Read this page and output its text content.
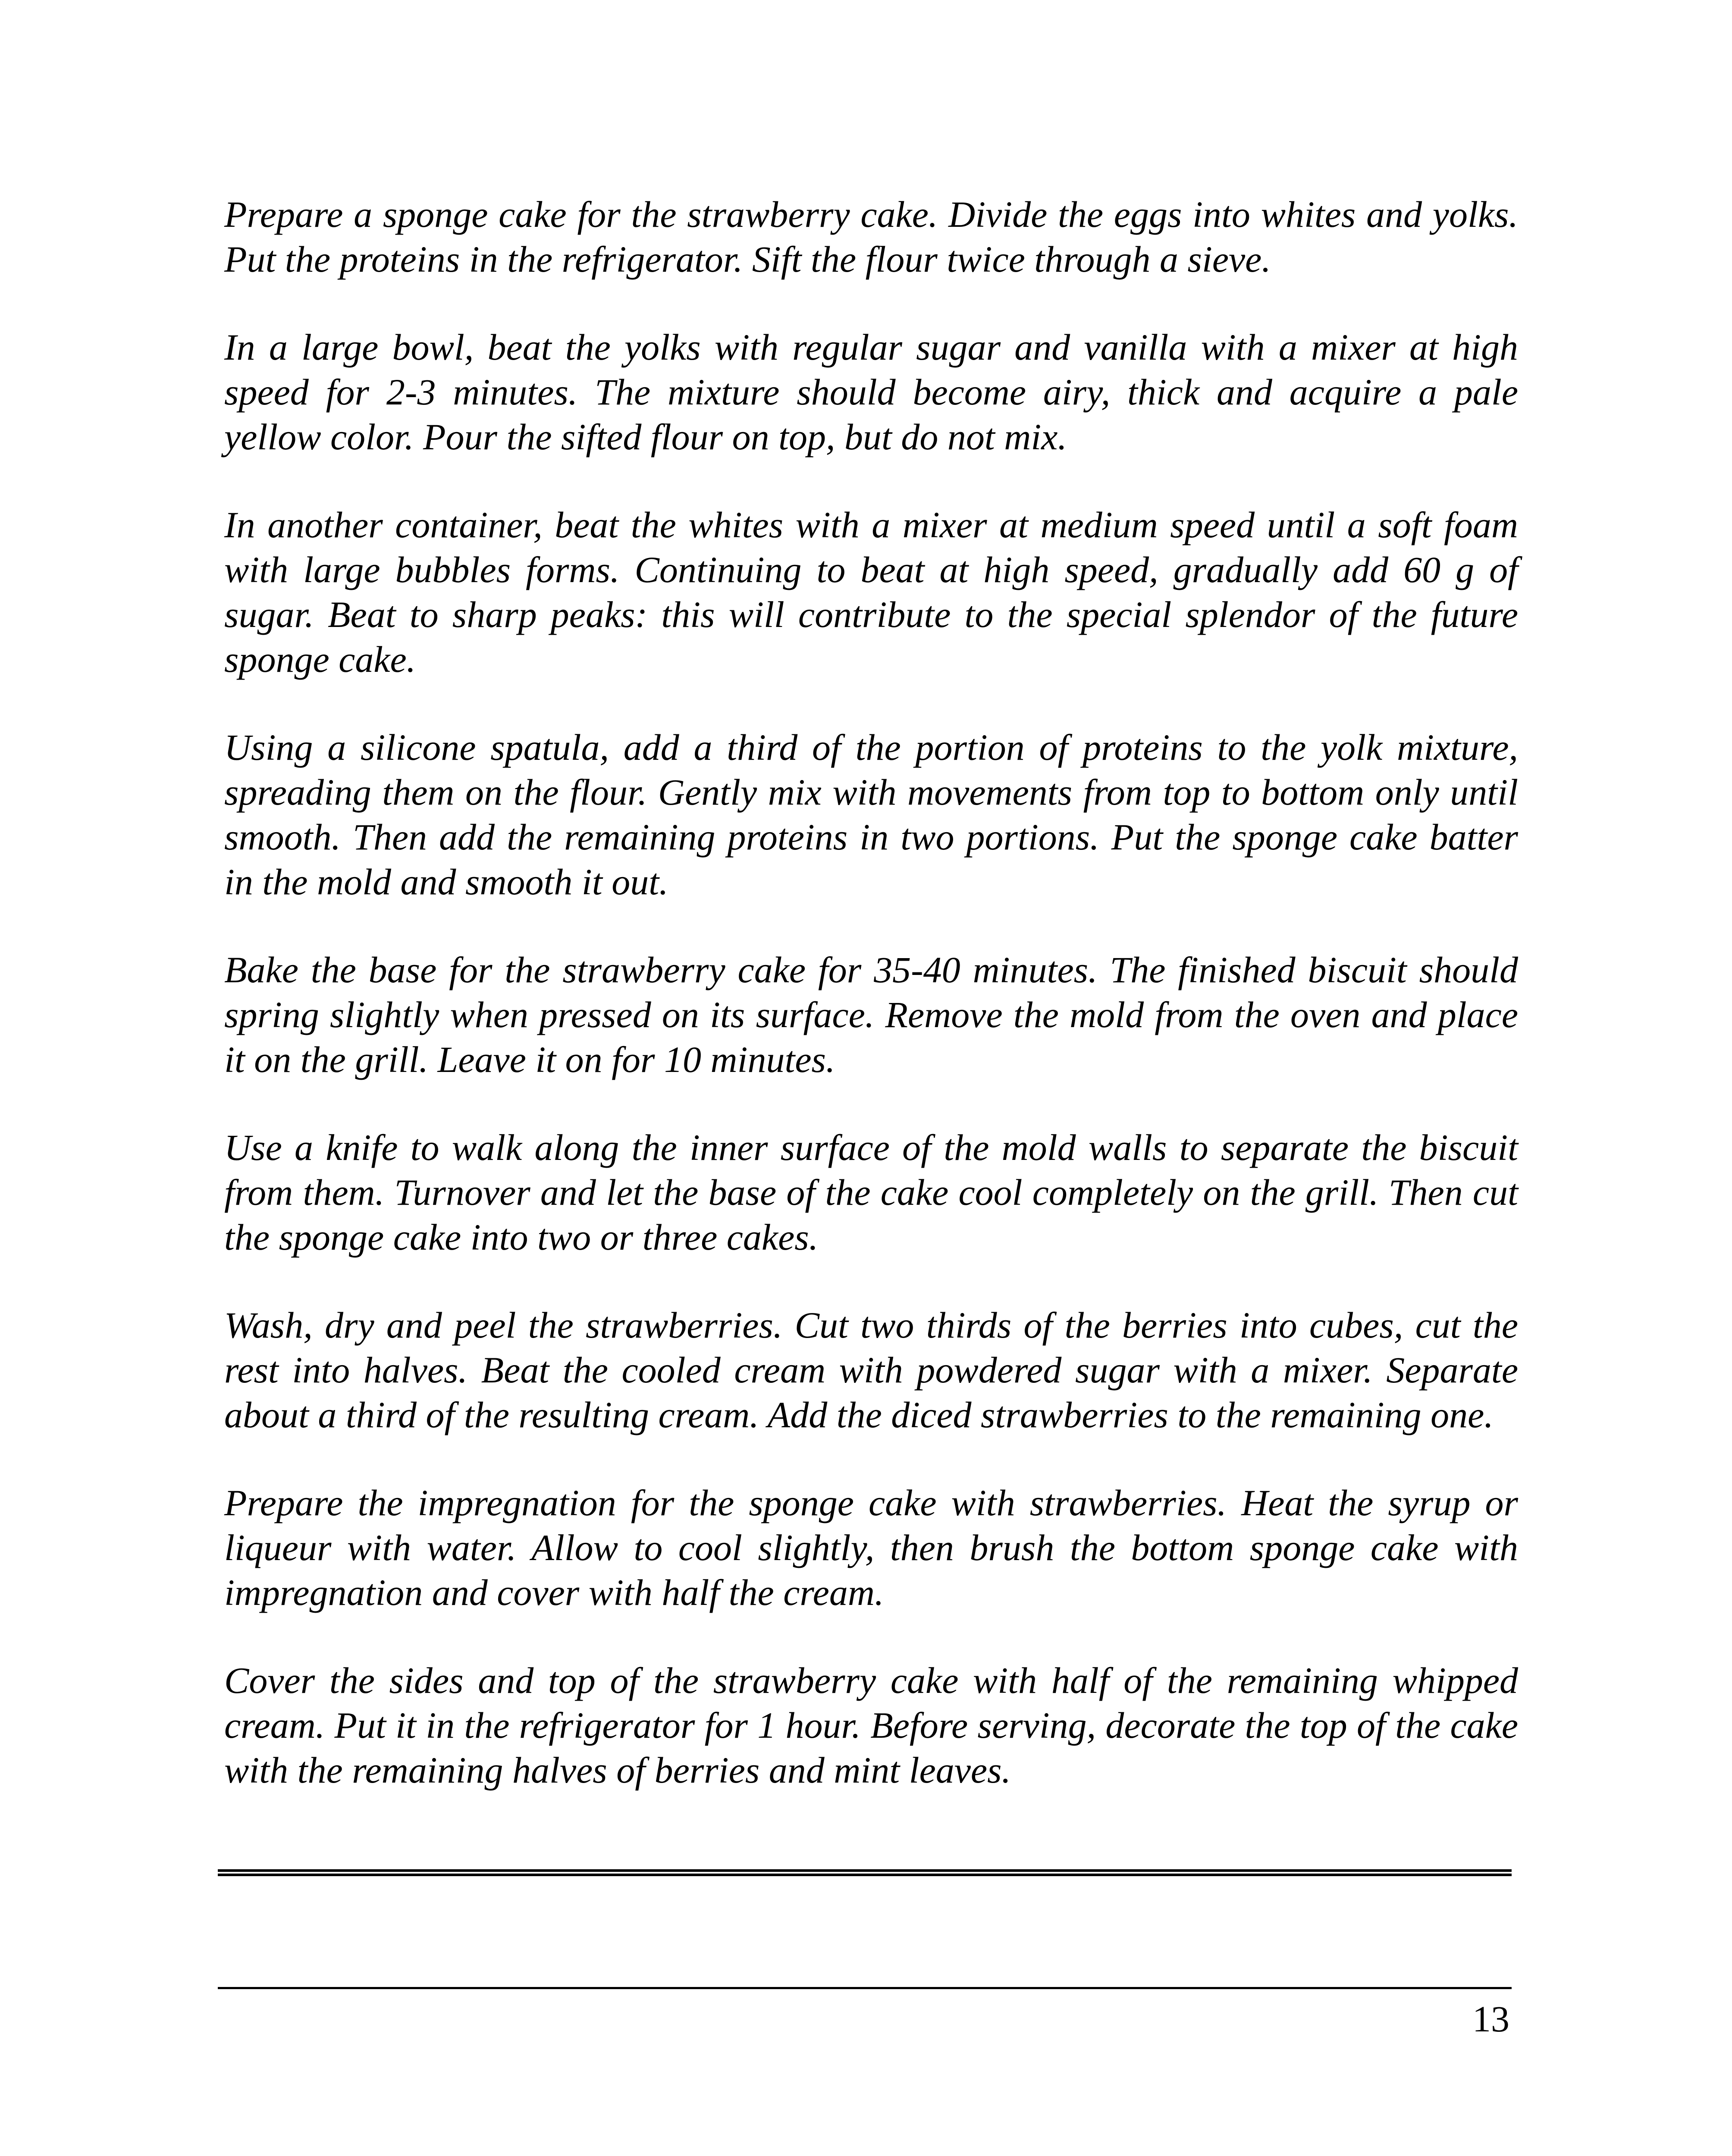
Prepare a sponge cake for the strawberry cake. Divide the eggs into whites and yolks. Put the proteins in the refrigerator. Sift the flour twice through a sieve.

In a large bowl, beat the yolks with regular sugar and vanilla with a mixer at high speed for 2-3 minutes. The mixture should become airy, thick and acquire a pale yellow color. Pour the sifted flour on top, but do not mix.

In another container, beat the whites with a mixer at medium speed until a soft foam with large bubbles forms. Continuing to beat at high speed, gradually add 60 g of sugar. Beat to sharp peaks: this will contribute to the special splendor of the future sponge cake.

Using a silicone spatula, add a third of the portion of proteins to the yolk mixture, spreading them on the flour. Gently mix with movements from top to bottom only until smooth. Then add the remaining proteins in two portions. Put the sponge cake batter in the mold and smooth it out.

Bake the base for the strawberry cake for 35-40 minutes. The finished biscuit should spring slightly when pressed on its surface. Remove the mold from the oven and place it on the grill. Leave it on for 10 minutes.

Use a knife to walk along the inner surface of the mold walls to separate the biscuit from them. Turnover and let the base of the cake cool completely on the grill. Then cut the sponge cake into two or three cakes.

Wash, dry and peel the strawberries. Cut two thirds of the berries into cubes, cut the rest into halves. Beat the cooled cream with powdered sugar with a mixer. Separate about a third of the resulting cream. Add the diced strawberries to the remaining one.

Prepare the impregnation for the sponge cake with strawberries. Heat the syrup or liqueur with water. Allow to cool slightly, then brush the bottom sponge cake with impregnation and cover with half the cream.

Cover the sides and top of the strawberry cake with half of the remaining whipped cream. Put it in the refrigerator for 1 hour. Before serving, decorate the top of the cake with the remaining halves of berries and mint leaves.

13
